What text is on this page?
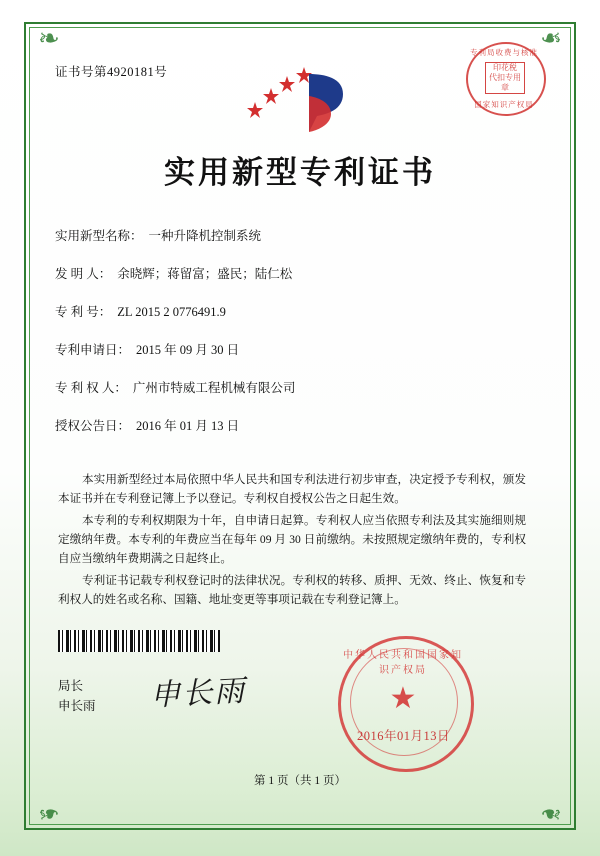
❧	❧
❧	❧
证书号第4920181号
专利局收费与核准
印花税
代扣专用章
国家知识产权局
实用新型专利证书
实用新型名称： 一种升降机控制系统
发 明 人： 余晓辉；蒋留富；盛民；陆仁松
专 利 号： ZL 2015 2 0776491.9
专利申请日： 2015 年 09 月 30 日
专 利 权 人： 广州市特威工程机械有限公司
授权公告日： 2016 年 01 月 13 日

本实用新型经过本局依照中华人民共和国专利法进行初步审查，决定授予专利权，颁发本证书并在专利登记簿上予以登记。专利权自授权公告之日起生效。

本专利的专利权期限为十年，自申请日起算。专利权人应当依照专利法及其实施细则规定缴纳年费。本专利的年费应当在每年 09 月 30 日前缴纳。未按照规定缴纳年费的，专利权自应当缴纳年费期满之日起终止。

专利证书记载专利权登记时的法律状况。专利权的转移、质押、无效、终止、恢复和专利权人的姓名或名称、国籍、地址变更等事项记载在专利登记簿上。

局长
申长雨 申长雨
中华人民共和国国家知识产权局
★
2016年01月13日
第 1 页（共 1 页）
